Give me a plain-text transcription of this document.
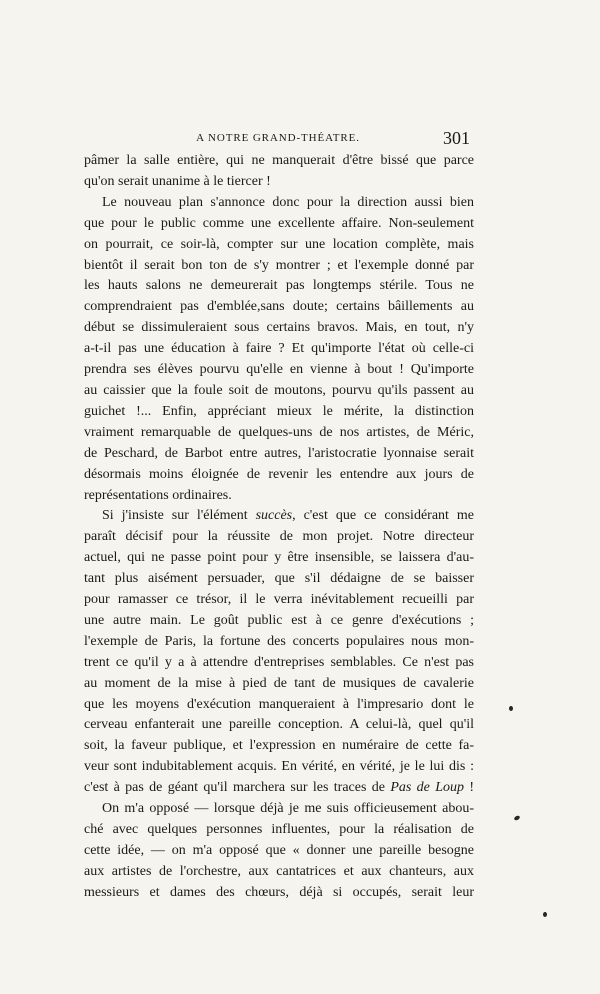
A NOTRE GRAND-THÉATRE.	301

pâmer la salle entière, qui ne manquerait d'être bissé que parce

qu'on serait unanime à le tiercer !

Le nouveau plan s'annonce donc pour la direction aussi bien

que pour le public comme une excellente affaire. Non-seulement

on pourrait, ce soir-là, compter sur une location complète, mais

bientôt il serait bon ton de s'y montrer ; et l'exemple donné par

les hauts salons ne demeurerait pas longtemps stérile. Tous ne

comprendraient pas d'emblée,sans doute; certains bâillements au

début se dissimuleraient sous certains bravos. Mais, en tout, n'y

a-t-il pas une éducation à faire ? Et qu'importe l'état où celle-ci

prendra ses élèves pourvu qu'elle en vienne à bout ! Qu'importe

au caissier que la foule soit de moutons, pourvu qu'ils passent au

guichet !... Enfin, appréciant mieux le mérite, la distinction

vraiment remarquable de quelques-uns de nos artistes, de Méric,

de Peschard, de Barbot entre autres, l'aristocratie lyonnaise serait

désormais moins éloignée de revenir les entendre aux jours de

représentations ordinaires.

Si j'insiste sur l'élément succès, c'est que ce considérant me

paraît décisif pour la réussite de mon projet. Notre directeur

actuel, qui ne passe point pour y être insensible, se laissera d'au-

tant plus aisément persuader, que s'il dédaigne de se baisser

pour ramasser ce trésor, il le verra inévitablement recueilli par

une autre main. Le goût public est à ce genre d'exécutions ;

l'exemple de Paris, la fortune des concerts populaires nous mon-

trent ce qu'il y a à attendre d'entreprises semblables. Ce n'est pas

au moment de la mise à pied de tant de musiques de cavalerie

que les moyens d'exécution manqueraient à l'impresario dont le

cerveau enfanterait une pareille conception. A celui-là, quel qu'il

soit, la faveur publique, et l'expression en numéraire de cette fa-

veur sont indubitablement acquis. En vérité, en vérité, je le lui dis :

c'est à pas de géant qu'il marchera sur les traces de Pas de Loup !

On m'a opposé — lorsque déjà je me suis officieusement abou-

ché avec quelques personnes influentes, pour la réalisation de

cette idée, — on m'a opposé que « donner une pareille besogne

aux artistes de l'orchestre, aux cantatrices et aux chanteurs, aux

messieurs et dames des chœurs, déjà si occupés, serait leur
